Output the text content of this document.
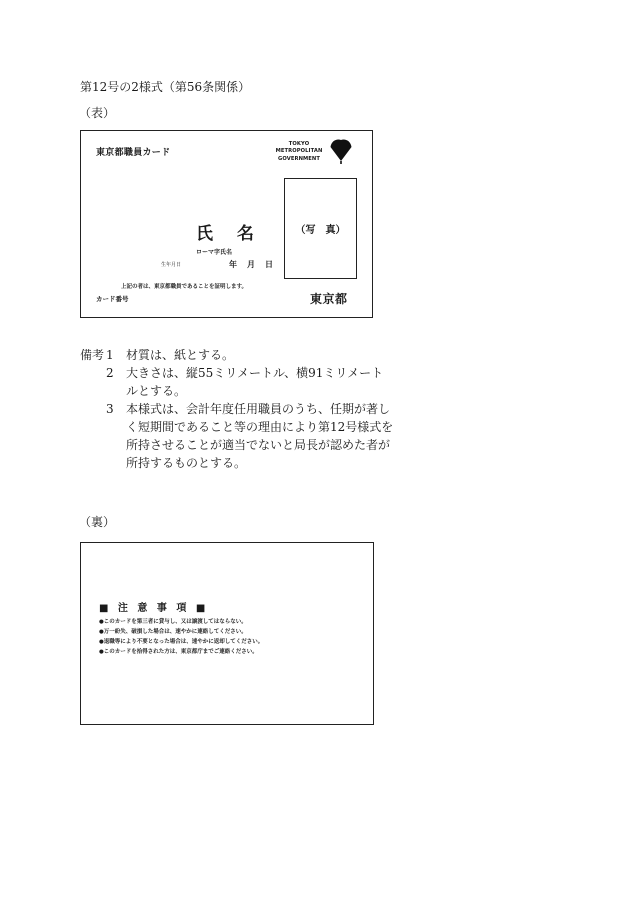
第12号の2様式（第56条関係）
（表）
東京都職員カード
TOKYO
METROPOLITAN
GOVERNMENT
（写　真）
氏 名
ローマ字氏名
生年月日	年　月　日
上記の者は、東京都職員であることを証明します。
カード番号	東京都
備考 1	材質は、紙とする。
2	大きさは、縦55ミリメートル、横91ミリメートルとする。
3	本様式は、会計年度任用職員のうち、任期が著しく短期間であること等の理由により第12号様式を所持させることが適当でないと局長が認めた者が所持するものとする。
（裏）
■ 注 意 事 項 ■
●このカードを第三者に貸与し、又は譲渡してはならない。
●万一紛失、破損した場合は、速やかに連絡してください。
●退職等により不要となった場合は、速やかに返却してください。
●このカードを拾得された方は、東京都庁までご連絡ください。
